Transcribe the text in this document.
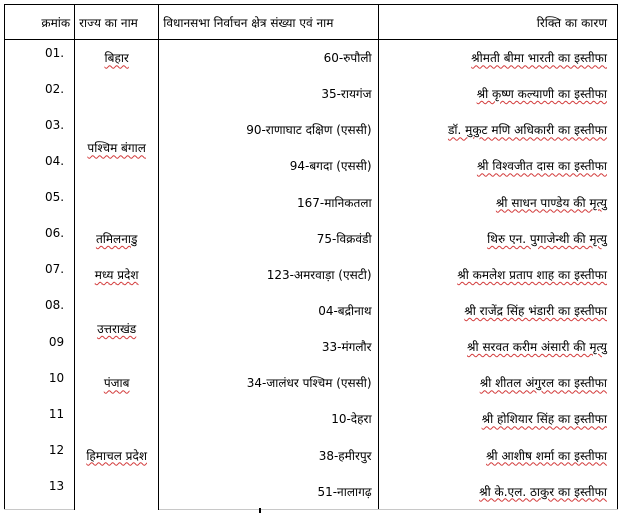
क्रमांक	राज्य का नाम	विधानसभा निर्वाचन क्षेत्र संख्या एवं नाम	रिक्ति का कारण
01.	बिहार	60-रुपौली	श्रीमती बीमा भारती का इस्तीफा
02.	पश्चिम बंगाल	35-रायगंज	श्री कृष्ण कल्याणी का इस्तीफा
03.		90-राणाघाट दक्षिण (एससी)	डॉ. मुकुट मणि अधिकारी का इस्तीफा
04.		94-बगदा (एससी)	श्री विश्वजीत दास का इस्तीफा
05.		167-मानिकतला	श्री साधन पाण्डेय की मृत्यु
06.	तमिलनाडु	75-विक्रवंडी	थिरु एन. पुगाजेन्थी की मृत्यु
07.	मध्य प्रदेश	123-अमरवाड़ा (एसटी)	श्री कमलेश प्रताप शाह का इस्तीफा
08.	उत्तराखंड	04-बद्रीनाथ	श्री राजेंद्र सिंह भंडारी का इस्तीफा
09		33-मंगलौर	श्री सरवत करीम अंसारी की मृत्यु
10	पंजाब	34-जालंधर पश्चिम (एससी)	श्री शीतल अंगुरल का इस्तीफा
11	हिमाचल प्रदेश	10-देहरा	श्री होशियार सिंह का इस्तीफा
12		38-हमीरपुर	श्री आशीष शर्मा का इस्तीफा
13		51-नालागढ़	श्री के.एल. ठाकुर का इस्तीफा
